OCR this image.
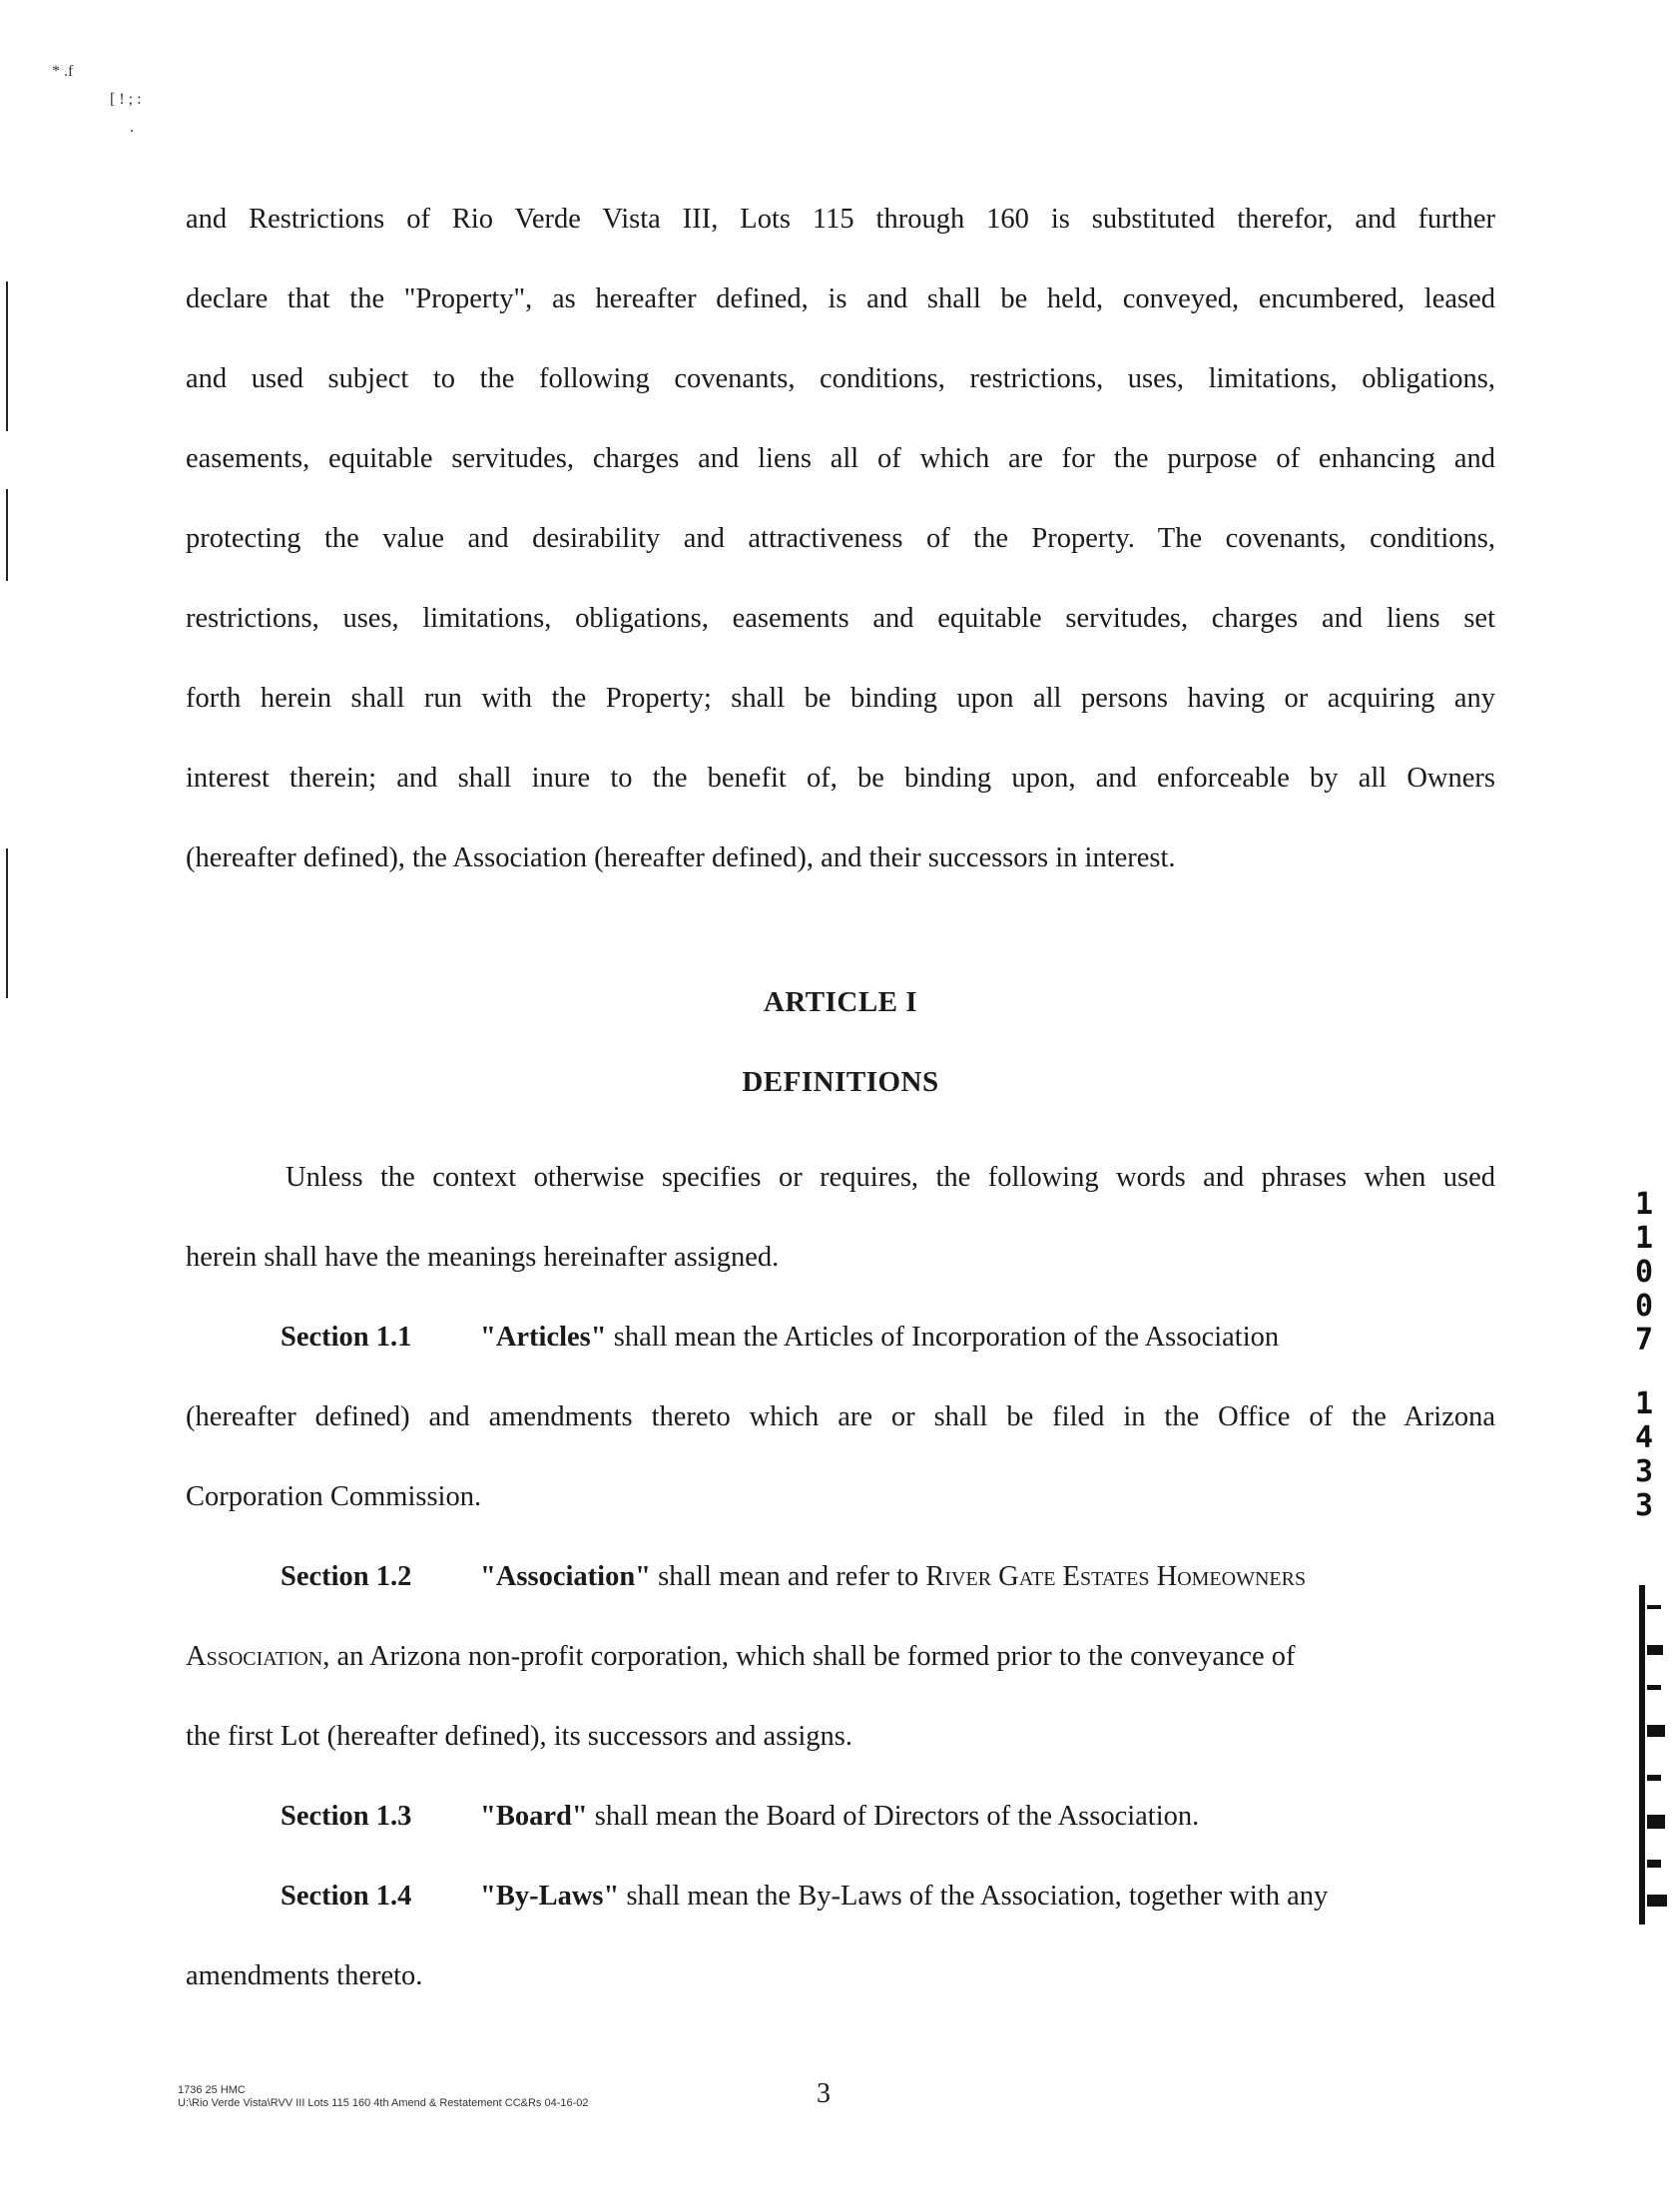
* .f
[ ! ; :
.
and Restrictions of Rio Verde Vista III, Lots 115 through 160 is substituted therefor, and further
declare that the "Property", as hereafter defined, is and shall be held, conveyed, encumbered, leased
and used subject to the following covenants, conditions, restrictions, uses, limitations, obligations,
easements, equitable servitudes, charges and liens all of which are for the purpose of enhancing and
protecting the value and desirability and attractiveness of the Property. The covenants, conditions,
restrictions, uses, limitations, obligations, easements and equitable servitudes, charges and liens set
forth herein shall run with the Property; shall be binding upon all persons having or acquiring any
interest therein; and shall inure to the benefit of, be binding upon, and enforceable by all Owners
(hereafter defined), the Association (hereafter defined), and their successors in interest.
ARTICLE I
DEFINITIONS
Unless the context otherwise specifies or requires, the following words and phrases when used
herein shall have the meanings hereinafter assigned.
Section 1.1 "Articles" shall mean the Articles of Incorporation of the Association
(hereafter defined) and amendments thereto which are or shall be filed in the Office of the Arizona
Corporation Commission.
Section 1.2 "Association" shall mean and refer to River Gate Estates Homeowners
Association, an Arizona non-profit corporation, which shall be formed prior to the conveyance of
the first Lot (hereafter defined), its successors and assigns.
Section 1.3 "Board" shall mean the Board of Directors of the Association.
Section 1.4 "By-Laws" shall mean the By-Laws of the Association, together with any
amendments thereto.
1
1
0
0
7
1
4
3
3
1736 25 HMC
U:\Rio Verde Vista\RVV III Lots 115 160 4th Amend & Restatement CC&Rs 04-16-02	3
